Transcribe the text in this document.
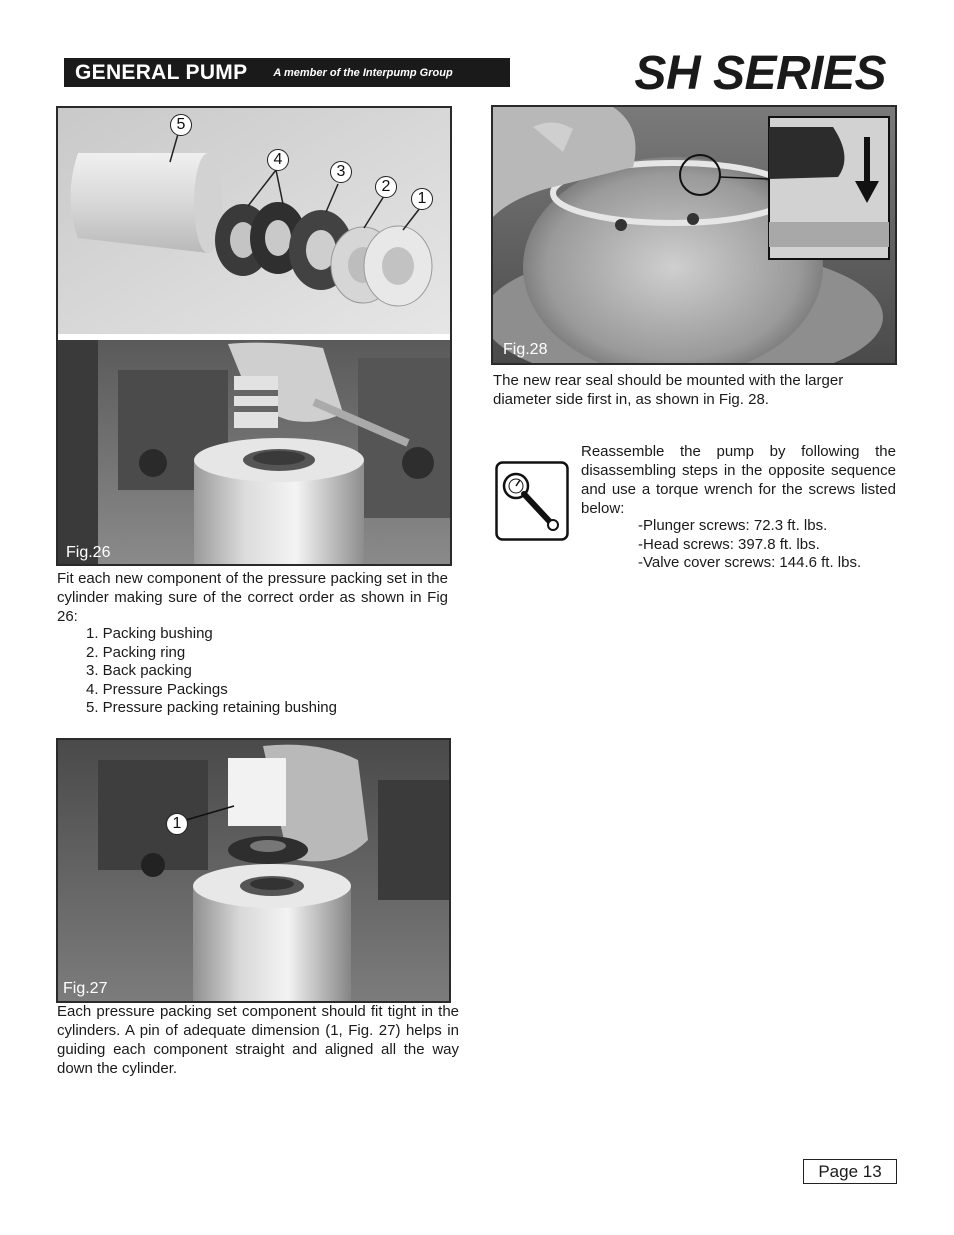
GENERAL PUMP A member of the Interpump Group	SH SERIES
5
4
3
2
1
Fig.26
Fit each new component of the pressure packing set in the cylinder making sure of the correct order as shown in Fig 26:
1. Packing bushing
2. Packing ring
3. Back packing
4. Pressure Packings
5. Pressure packing retaining bushing
1
Fig.27
Each pressure packing set component should fit tight in the cylinders. A pin of adequate dimension (1, Fig. 27) helps in guiding each component straight and aligned all the way down the cylinder.
Fig.28
The new rear seal should be mounted with the larger diameter side first in, as shown in Fig. 28.
Reassemble the pump by following the disassembling steps in the opposite sequence and use a torque wrench for the screws listed below:
-Plunger screws: 72.3 ft. lbs.
-Head screws: 397.8 ft. lbs.
-Valve cover screws: 144.6 ft. lbs.
Page 13
